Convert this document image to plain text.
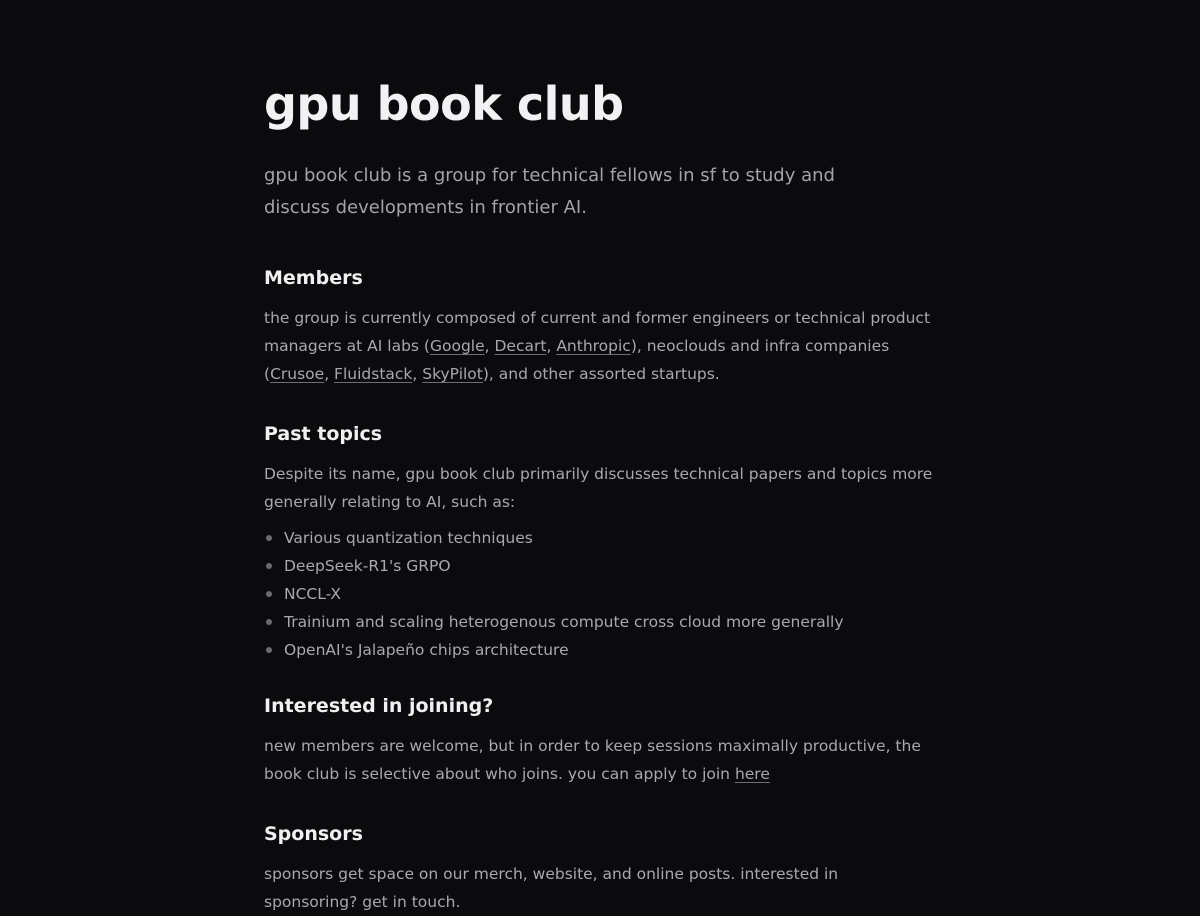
gpu book club

gpu book club is a group for technical fellows in sf to study and discuss developments in frontier AI.

Members

the group is currently composed of current and former engineers or technical product managers at AI labs (Google, Decart, Anthropic), neoclouds and infra companies (Crusoe, Fluidstack, SkyPilot), and other assorted startups.

Past topics

Despite its name, gpu book club primarily discusses technical papers and topics more generally relating to AI, such as:

Various quantization techniques
DeepSeek-R1's GRPO
NCCL-X
Trainium and scaling heterogenous compute cross cloud more generally
OpenAI's Jalapeño chips architecture
Interested in joining?

new members are welcome, but in order to keep sessions maximally productive, the book club is selective about who joins. you can apply to join here

Sponsors

sponsors get space on our merch, website, and online posts. interested in sponsoring? get in touch.
